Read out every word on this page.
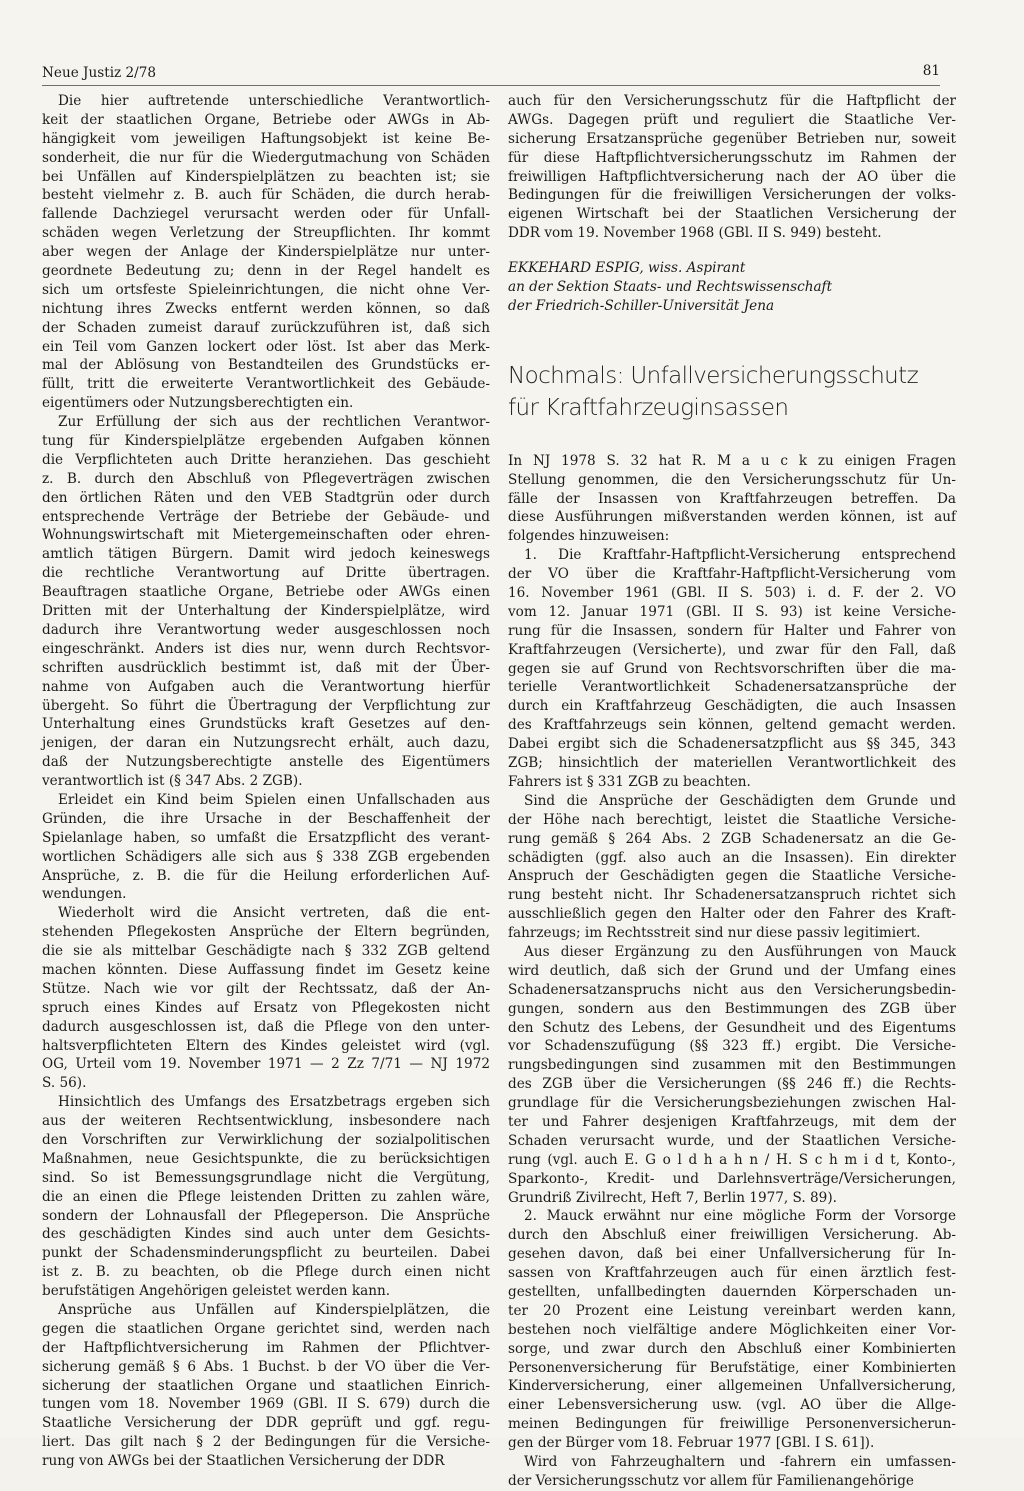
Neue Justiz 2/78	81
Die hier auftretende unterschiedliche Verantwortlich-
keit der staatlichen Organe, Betriebe oder AWGs in Ab-
hängigkeit vom jeweiligen Haftungsobjekt ist keine Be-
sonderheit, die nur für die Wiedergutmachung von Schäden
bei Unfällen auf Kinderspielplätzen zu beachten ist; sie
besteht vielmehr z. B. auch für Schäden, die durch herab-
fallende Dachziegel verursacht werden oder für Unfall-
schäden wegen Verletzung der Streupflichten. Ihr kommt
aber wegen der Anlage der Kinderspielplätze nur unter-
geordnete Bedeutung zu; denn in der Regel handelt es
sich um ortsfeste Spieleinrichtungen, die nicht ohne Ver-
nichtung ihres Zwecks entfernt werden können, so daß
der Schaden zumeist darauf zurückzuführen ist, daß sich
ein Teil vom Ganzen lockert oder löst. Ist aber das Merk-
mal der Ablösung von Bestandteilen des Grundstücks er-
füllt, tritt die erweiterte Verantwortlichkeit des Gebäude-
eigentümers oder Nutzungsberechtigten ein.
Zur Erfüllung der sich aus der rechtlichen Verantwor-
tung für Kinderspielplätze ergebenden Aufgaben können
die Verpflichteten auch Dritte heranziehen. Das geschieht
z. B. durch den Abschluß von Pflegeverträgen zwischen
den örtlichen Räten und den VEB Stadtgrün oder durch
entsprechende Verträge der Betriebe der Gebäude- und
Wohnungswirtschaft mit Mietergemeinschaften oder ehren-
amtlich tätigen Bürgern. Damit wird jedoch keineswegs
die rechtliche Verantwortung auf Dritte übertragen.
Beauftragen staatliche Organe, Betriebe oder AWGs einen
Dritten mit der Unterhaltung der Kinderspielplätze, wird
dadurch ihre Verantwortung weder ausgeschlossen noch
eingeschränkt. Anders ist dies nur, wenn durch Rechtsvor-
schriften ausdrücklich bestimmt ist, daß mit der Über-
nahme von Aufgaben auch die Verantwortung hierfür
übergeht. So führt die Übertragung der Verpflichtung zur
Unterhaltung eines Grundstücks kraft Gesetzes auf den-
jenigen, der daran ein Nutzungsrecht erhält, auch dazu,
daß der Nutzungsberechtigte anstelle des Eigentümers
verantwortlich ist (§ 347 Abs. 2 ZGB).
Erleidet ein Kind beim Spielen einen Unfallschaden aus
Gründen, die ihre Ursache in der Beschaffenheit der
Spielanlage haben, so umfaßt die Ersatzpflicht des verant-
wortlichen Schädigers alle sich aus § 338 ZGB ergebenden
Ansprüche, z. B. die für die Heilung erforderlichen Auf-
wendungen.
Wiederholt wird die Ansicht vertreten, daß die ent-
stehenden Pflegekosten Ansprüche der Eltern begründen,
die sie als mittelbar Geschädigte nach § 332 ZGB geltend
machen könnten. Diese Auffassung findet im Gesetz keine
Stütze. Nach wie vor gilt der Rechtssatz, daß der An-
spruch eines Kindes auf Ersatz von Pflegekosten nicht
dadurch ausgeschlossen ist, daß die Pflege von den unter-
haltsverpflichteten Eltern des Kindes geleistet wird (vgl.
OG, Urteil vom 19. November 1971 — 2 Zz 7/71 — NJ 1972
S. 56).
Hinsichtlich des Umfangs des Ersatzbetrags ergeben sich
aus der weiteren Rechtsentwicklung, insbesondere nach
den Vorschriften zur Verwirklichung der sozialpolitischen
Maßnahmen, neue Gesichtspunkte, die zu berücksichtigen
sind. So ist Bemessungsgrundlage nicht die Vergütung,
die an einen die Pflege leistenden Dritten zu zahlen wäre,
sondern der Lohnausfall der Pflegeperson. Die Ansprüche
des geschädigten Kindes sind auch unter dem Gesichts-
punkt der Schadensminderungspflicht zu beurteilen. Dabei
ist z. B. zu beachten, ob die Pflege durch einen nicht
berufstätigen Angehörigen geleistet werden kann.
Ansprüche aus Unfällen auf Kinderspielplätzen, die
gegen die staatlichen Organe gerichtet sind, werden nach
der Haftpflichtversicherung im Rahmen der Pflichtver-
sicherung gemäß § 6 Abs. 1 Buchst. b der VO über die Ver-
sicherung der staatlichen Organe und staatlichen Einrich-
tungen vom 18. November 1969 (GBl. II S. 679) durch die
Staatliche Versicherung der DDR geprüft und ggf. regu-
liert. Das gilt nach § 2 der Bedingungen für die Versiche-
rung von AWGs bei der Staatlichen Versicherung der DDR
auch für den Versicherungsschutz für die Haftpflicht der
AWGs. Dagegen prüft und reguliert die Staatliche Ver-
sicherung Ersatzansprüche gegenüber Betrieben nur, soweit
für diese Haftpflichtversicherungsschutz im Rahmen der
freiwilligen Haftpflichtversicherung nach der AO über die
Bedingungen für die freiwilligen Versicherungen der volks-
eigenen Wirtschaft bei der Staatlichen Versicherung der
DDR vom 19. November 1968 (GBl. II S. 949) besteht.
EKKEHARD ESPIG, wiss. Aspirant
an der Sektion Staats- und Rechtswissenschaft
der Friedrich-Schiller-Universität Jena
Nochmals: Unfallversicherungsschutz
für Kraftfahrzeuginsassen
In NJ 1978 S. 32 hat R. M a u c k zu einigen Fragen
Stellung genommen, die den Versicherungsschutz für Un-
fälle der Insassen von Kraftfahrzeugen betreffen. Da
diese Ausführungen mißverstanden werden können, ist auf
folgendes hinzuweisen:
1. Die Kraftfahr-Haftpflicht-Versicherung entsprechend
der VO über die Kraftfahr-Haftpflicht-Versicherung vom
16. November 1961 (GBl. II S. 503) i. d. F. der 2. VO
vom 12. Januar 1971 (GBl. II S. 93) ist keine Versiche-
rung für die Insassen, sondern für Halter und Fahrer von
Kraftfahrzeugen (Versicherte), und zwar für den Fall, daß
gegen sie auf Grund von Rechtsvorschriften über die ma-
terielle Verantwortlichkeit Schadenersatzansprüche der
durch ein Kraftfahrzeug Geschädigten, die auch Insassen
des Kraftfahrzeugs sein können, geltend gemacht werden.
Dabei ergibt sich die Schadenersatzpflicht aus §§ 345, 343
ZGB; hinsichtlich der materiellen Verantwortlichkeit des
Fahrers ist § 331 ZGB zu beachten.
Sind die Ansprüche der Geschädigten dem Grunde und
der Höhe nach berechtigt, leistet die Staatliche Versiche-
rung gemäß § 264 Abs. 2 ZGB Schadenersatz an die Ge-
schädigten (ggf. also auch an die Insassen). Ein direkter
Anspruch der Geschädigten gegen die Staatliche Versiche-
rung besteht nicht. Ihr Schadenersatzanspruch richtet sich
ausschließlich gegen den Halter oder den Fahrer des Kraft-
fahrzeugs; im Rechtsstreit sind nur diese passiv legitimiert.
Aus dieser Ergänzung zu den Ausführungen von Mauck
wird deutlich, daß sich der Grund und der Umfang eines
Schadenersatzanspruchs nicht aus den Versicherungsbedin-
gungen, sondern aus den Bestimmungen des ZGB über
den Schutz des Lebens, der Gesundheit und des Eigentums
vor Schadenszufügung (§§ 323 ff.) ergibt. Die Versiche-
rungsbedingungen sind zusammen mit den Bestimmungen
des ZGB über die Versicherungen (§§ 246 ff.) die Rechts-
grundlage für die Versicherungsbeziehungen zwischen Hal-
ter und Fahrer desjenigen Kraftfahrzeugs, mit dem der
Schaden verursacht wurde, und der Staatlichen Versiche-
rung (vgl. auch E. G o l d h a h n / H. S c h m i d t, Konto-,
Sparkonto-, Kredit- und Darlehnsverträge/Versicherungen,
Grundriß Zivilrecht, Heft 7, Berlin 1977, S. 89).
2. Mauck erwähnt nur eine mögliche Form der Vorsorge
durch den Abschluß einer freiwilligen Versicherung. Ab-
gesehen davon, daß bei einer Unfallversicherung für In-
sassen von Kraftfahrzeugen auch für einen ärztlich fest-
gestellten, unfallbedingten dauernden Körperschaden un-
ter 20 Prozent eine Leistung vereinbart werden kann,
bestehen noch vielfältige andere Möglichkeiten einer Vor-
sorge, und zwar durch den Abschluß einer Kombinierten
Personenversicherung für Berufstätige, einer Kombinierten
Kinderversicherung, einer allgemeinen Unfallversicherung,
einer Lebensversicherung usw. (vgl. AO über die Allge-
meinen Bedingungen für freiwillige Personenversicherun-
gen der Bürger vom 18. Februar 1977 [GBl. I S. 61]).
Wird von Fahrzeughaltern und -fahrern ein umfassen-
der Versicherungsschutz vor allem für Familienangehörige
